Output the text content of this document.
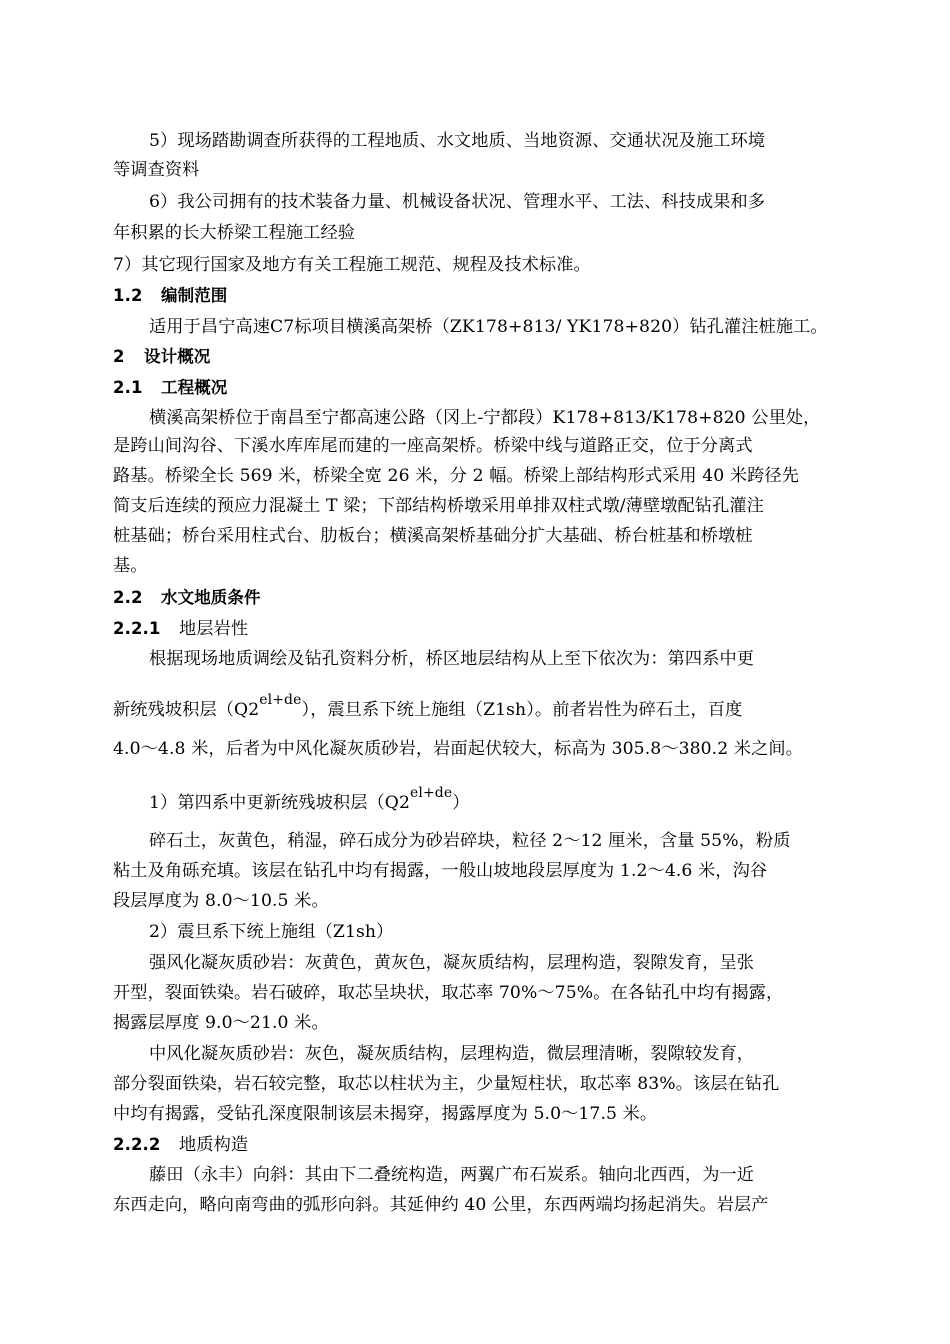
5）现场踏勘调查所获得的工程地质、水文地质、当地资源、交通状况及施工环境
等调查资料
6）我公司拥有的技术装备力量、机械设备状况、管理水平、工法、科技成果和多
年积累的长大桥梁工程施工经验
7）其它现行国家及地方有关工程施工规范、规程及技术标准。
1.2 编制范围
适用于昌宁高速C7标项目横溪高架桥（ZK178+813/ YK178+820）钻孔灌注桩施工。
2 设计概况
2.1 工程概况
横溪高架桥位于南昌至宁都高速公路（冈上-宁都段）K178+813/K178+820 公里处，
是跨山间沟谷、下溪水库库尾而建的一座高架桥。桥梁中线与道路正交，位于分离式
路基。桥梁全长 569 米，桥梁全宽 26 米，分 2 幅。桥梁上部结构形式采用 40 米跨径先
简支后连续的预应力混凝土 T 梁；下部结构桥墩采用单排双柱式墩/薄壁墩配钻孔灌注
桩基础；桥台采用柱式台、肋板台；横溪高架桥基础分扩大基础、桥台桩基和桥墩桩
基。
2.2 水文地质条件
2.2.1 地层岩性
根据现场地质调绘及钻孔资料分析，桥区地层结构从上至下依次为：第四系中更
新统残坡积层$(Q2^{el+de})$，震旦系下统上施组（Z1sh）。前者岩性为碎石土，百度
4.0～4.8 米，后者为中风化凝灰质砂岩，岩面起伏较大，标高为 305.8～380.2 米之间。
1）第四系中更新统残坡积层$(Q2^{el+de})$
碎石土，灰黄色，稍湿，碎石成分为砂岩碎块，粒径 2～12 厘米，含量 55%，粉质
粘土及角砾充填。该层在钻孔中均有揭露，一般山坡地段层厚度为 1.2～4.6 米，沟谷
段层厚度为 8.0～10.5 米。
2）震旦系下统上施组（Z1sh）
强风化凝灰质砂岩：灰黄色，黄灰色，凝灰质结构，层理构造，裂隙发育，呈张
开型，裂面铁染。岩石破碎，取芯呈块状，取芯率 70%～75%。在各钻孔中均有揭露，
揭露层厚度 9.0～21.0 米。
中风化凝灰质砂岩：灰色，凝灰质结构，层理构造，微层理清晰，裂隙较发育，
部分裂面铁染，岩石较完整，取芯以柱状为主，少量短柱状，取芯率 83%。该层在钻孔
中均有揭露，受钻孔深度限制该层未揭穿，揭露厚度为 5.0～17.5 米。
2.2.2 地质构造
藤田（永丰）向斜：其由下二叠统构造，两翼广布石炭系。轴向北西西，为一近
东西走向，略向南弯曲的弧形向斜。其延伸约 40 公里，东西两端均扬起消失。岩层产
